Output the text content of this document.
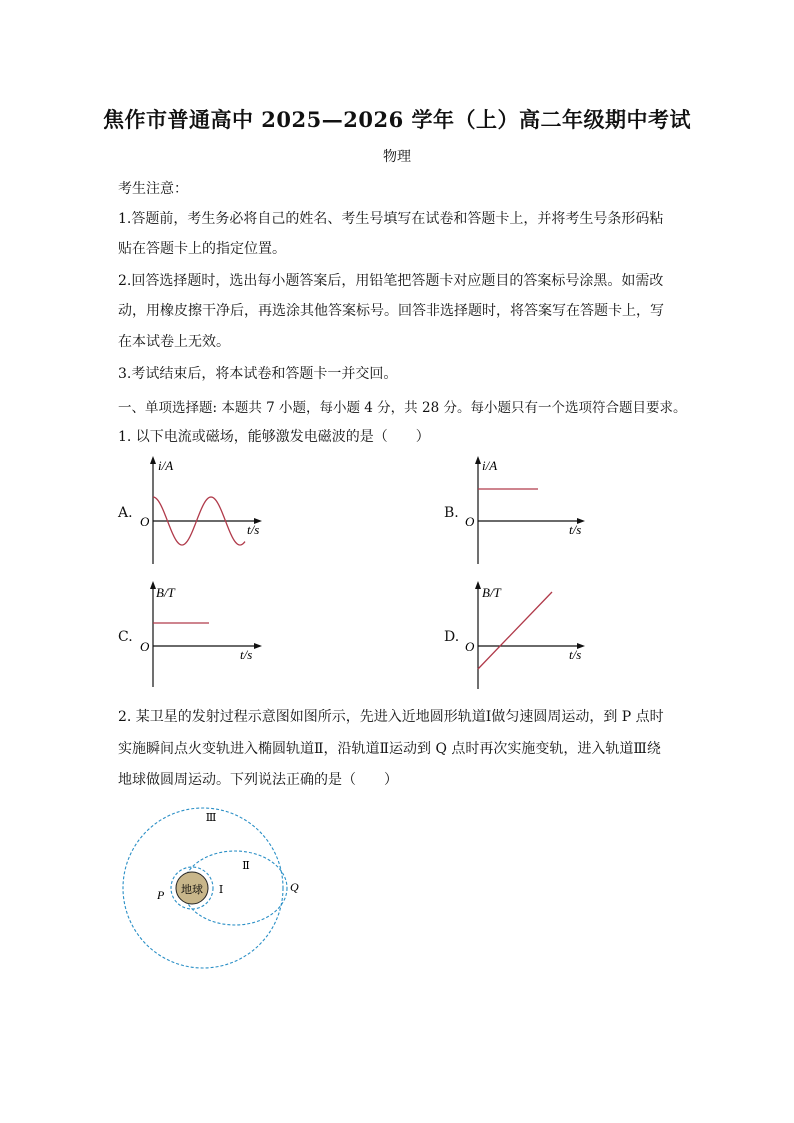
焦作市普通高中 2025—2026 学年（上）高二年级期中考试
物理
考生注意：
1.答题前，考生务必将自己的姓名、考生号填写在试卷和答题卡上，并将考生号条形码粘
贴在答题卡上的指定位置。
2.回答选择题时，选出每小题答案后，用铅笔把答题卡对应题目的答案标号涂黑。如需改
动，用橡皮擦干净后，再选涂其他答案标号。回答非选择题时，将答案写在答题卡上，写
在本试卷上无效。
3.考试结束后，将本试卷和答题卡一并交回。
一、单项选择题: 本题共 7 小题，每小题 4 分，共 28 分。每小题只有一个选项符合题目要求。
1. 以下电流或磁场，能够激发电磁波的是（　　）
A.	B.
C.	D.
i/A
O
t/s
i/A
O
t/s
B/T
O
t/s
B/T
O
t/s
2. 某卫星的发射过程示意图如图所示，先进入近地圆形轨道Ⅰ做匀速圆周运动，到 P 点时
实施瞬间点火变轨进入椭圆轨道Ⅱ，沿轨道Ⅱ运动到 Q 点时再次实施变轨，进入轨道Ⅲ绕
地球做圆周运动。下列说法正确的是（　　）
地球
Ⅲ
Ⅱ
Ⅰ
P
Q
